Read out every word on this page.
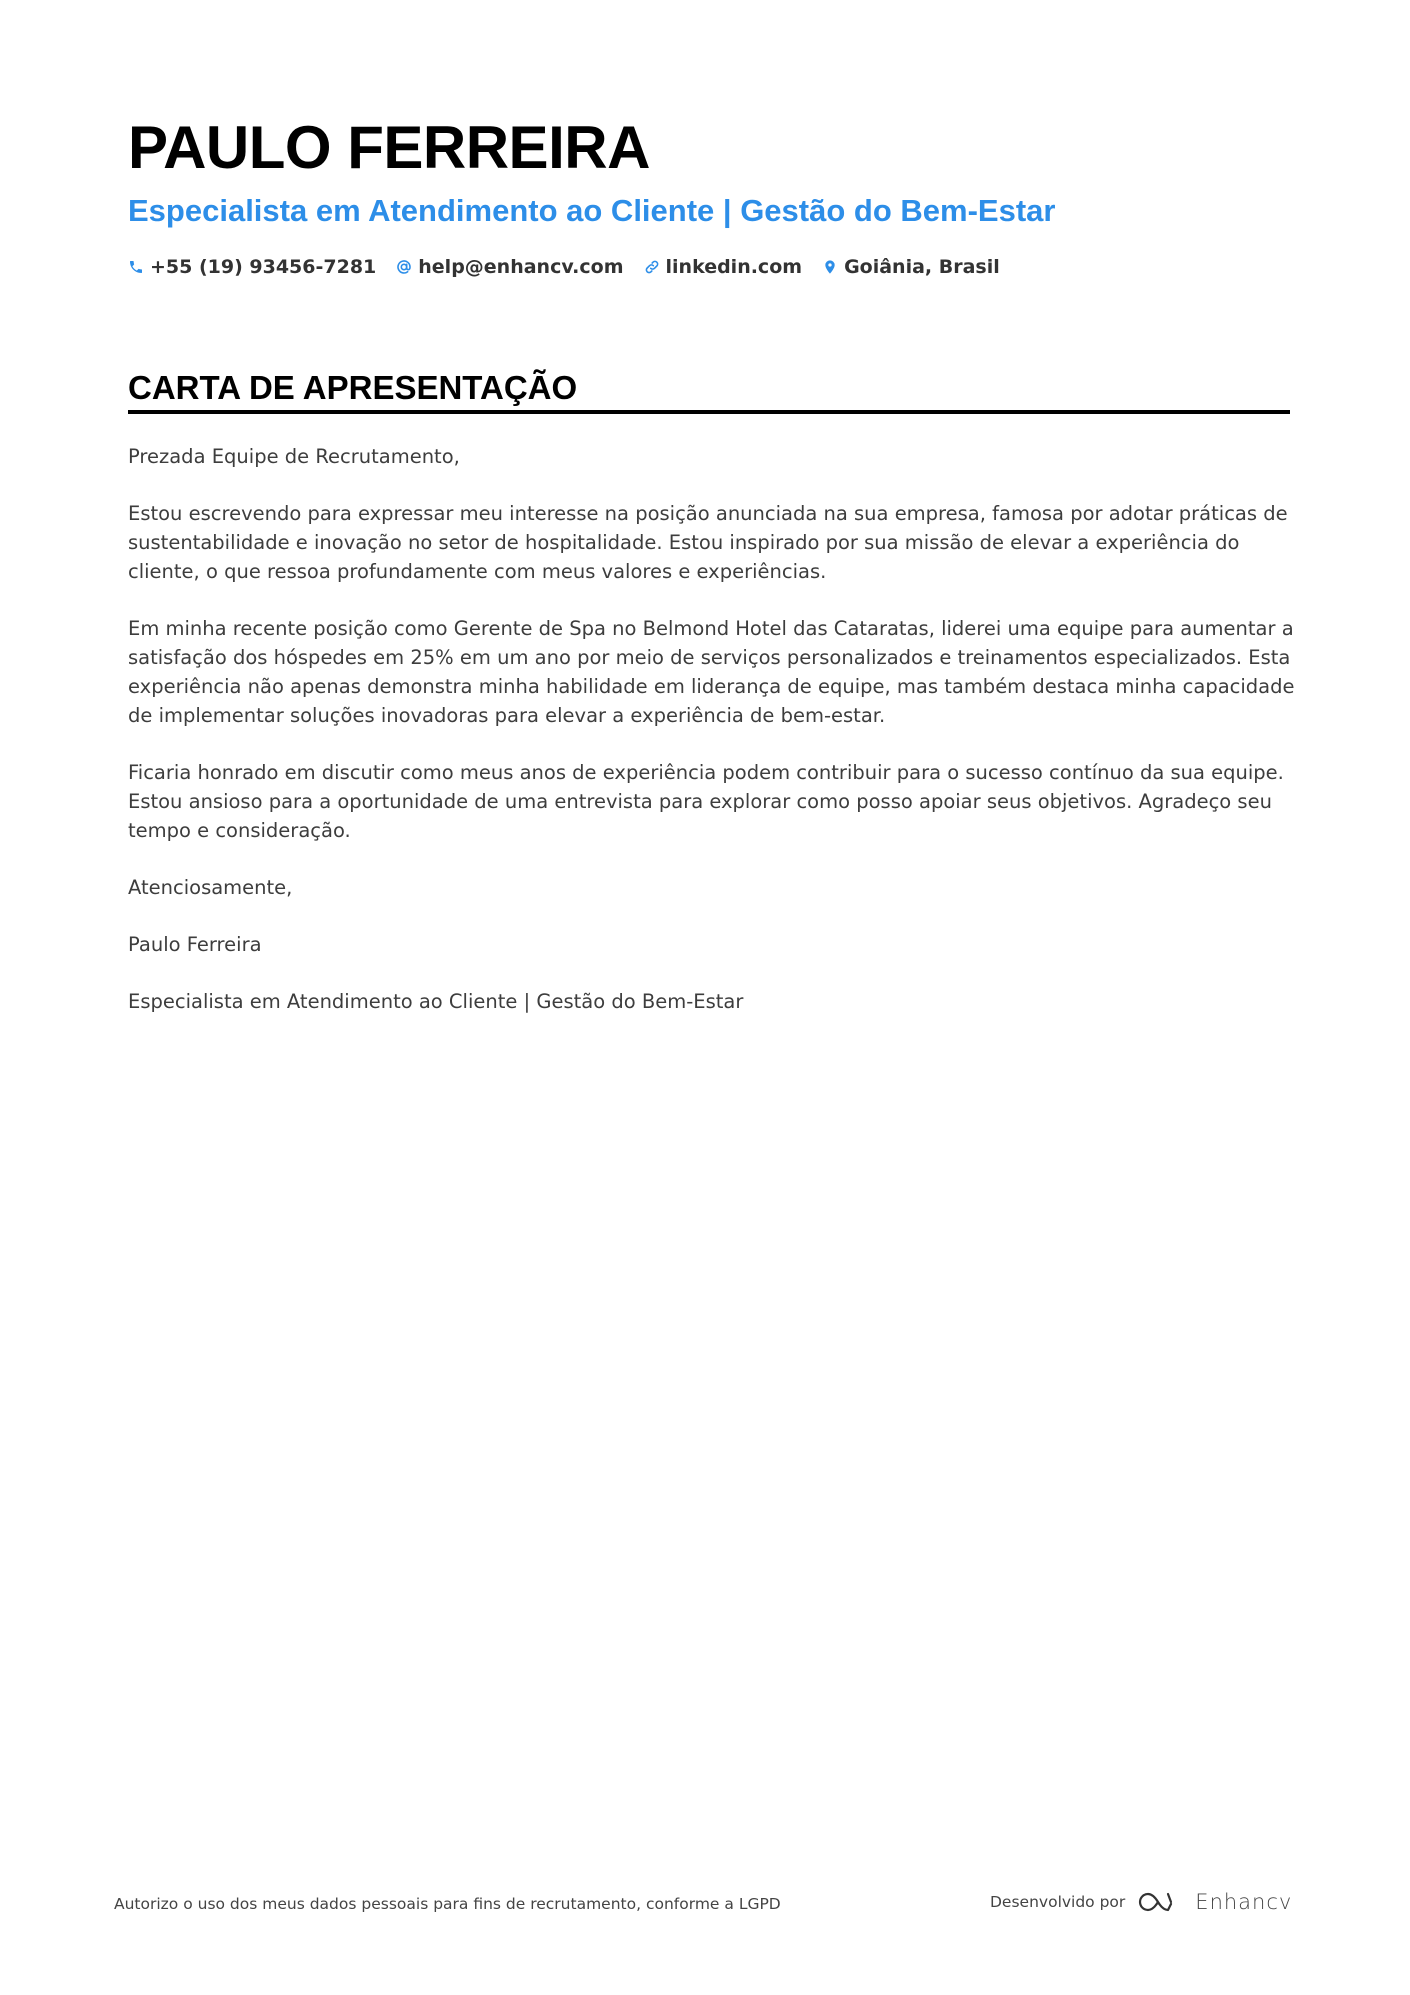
PAULO FERREIRA
Especialista em Atendimento ao Cliente | Gestão do Bem-Estar
+55 (19) 93456-7281 help@enhancv.com linkedin.com Goiânia, Brasil
CARTA DE APRESENTAÇÃO

Prezada Equipe de Recrutamento,

Estou escrevendo para expressar meu interesse na posição anunciada na sua empresa, famosa por adotar práticas de sustentabilidade e inovação no setor de hospitalidade. Estou inspirado por sua missão de elevar a experiência do cliente, o que ressoa profundamente com meus valores e experiências.

Em minha recente posição como Gerente de Spa no Belmond Hotel das Cataratas, liderei uma equipe para aumentar a satisfação dos hóspedes em 25% em um ano por meio de serviços personalizados e treinamentos especializados. Esta experiência não apenas demonstra minha habilidade em liderança de equipe, mas também destaca minha capacidade de implementar soluções inovadoras para elevar a experiência de bem-estar.

Ficaria honrado em discutir como meus anos de experiência podem contribuir para o sucesso contínuo da sua equipe. Estou ansioso para a oportunidade de uma entrevista para explorar como posso apoiar seus objetivos. Agradeço seu tempo e consideração.

Atenciosamente,

Paulo Ferreira

Especialista em Atendimento ao Cliente | Gestão do Bem-Estar

Autorizo o uso dos meus dados pessoais para fins de recrutamento, conforme a LGPD	Desenvolvido por	Enhancv
